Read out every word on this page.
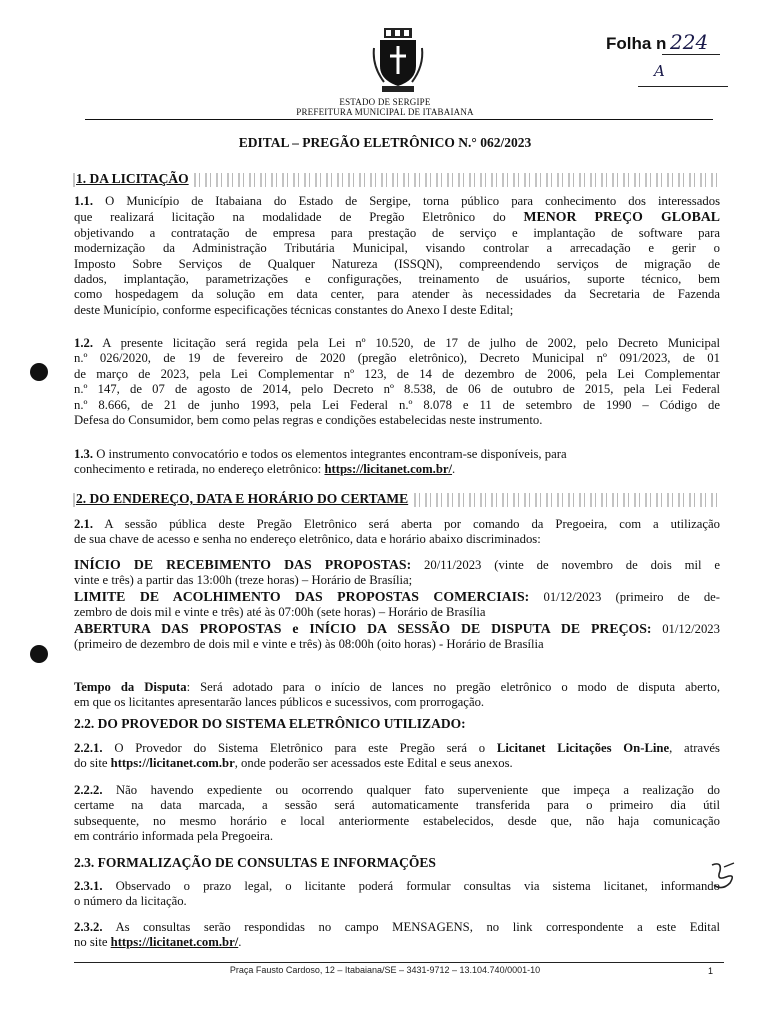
Folha n 224
A
ESTADO DE SERGIPE
PREFEITURA MUNICIPAL DE ITABAIANA
EDITAL – PREGÃO ELETRÔNICO N.° 062/2023
1. DA LICITAÇÃO

1.1. O Município de Itabaiana do Estado de Sergipe, torna público para conhecimento dos interessados

que realizará licitação na modalidade de Pregão Eletrônico do MENOR PREÇO GLOBAL

objetivando a contratação de empresa para prestação de serviço e implantação de software para

modernização da Administração Tributária Municipal, visando controlar a arrecadação e gerir o

Imposto Sobre Serviços de Qualquer Natureza (ISSQN), compreendendo serviços de migração de

dados, implantação, parametrizações e configurações, treinamento de usuários, suporte técnico, bem

como hospedagem da solução em data center, para atender às necessidades da Secretaria de Fazenda

deste Município, conforme especificações técnicas constantes do Anexo I deste Edital;

1.2. A presente licitação será regida pela Lei nº 10.520, de 17 de julho de 2002, pelo Decreto Municipal

n.º 026/2020, de 19 de fevereiro de 2020 (pregão eletrônico), Decreto Municipal nº 091/2023, de 01

de março de 2023, pela Lei Complementar nº 123, de 14 de dezembro de 2006, pela Lei Complementar

n.º 147, de 07 de agosto de 2014, pelo Decreto nº 8.538, de 06 de outubro de 2015, pela Lei Federal

n.º 8.666, de 21 de junho 1993, pela Lei Federal n.º 8.078 e 11 de setembro de 1990 – Código de

Defesa do Consumidor, bem como pelas regras e condições estabelecidas neste instrumento.

1.3. O instrumento convocatório e todos os elementos integrantes encontram-se disponíveis, para

conhecimento e retirada, no endereço eletrônico: https://licitanet.com.br/.

2. DO ENDEREÇO, DATA E HORÁRIO DO CERTAME

2.1. A sessão pública deste Pregão Eletrônico será aberta por comando da Pregoeira, com a utilização

de sua chave de acesso e senha no endereço eletrônico, data e horário abaixo discriminados:

INÍCIO DE RECEBIMENTO DAS PROPOSTAS: 20/11/2023 (vinte de novembro de dois mil e

vinte e três) a partir das 13:00h (treze horas) – Horário de Brasília;

LIMITE DE ACOLHIMENTO DAS PROPOSTAS COMERCIAIS: 01/12/2023 (primeiro de de-

zembro de dois mil e vinte e três) até às 07:00h (sete horas) – Horário de Brasília

ABERTURA DAS PROPOSTAS e INÍCIO DA SESSÃO DE DISPUTA DE PREÇOS: 01/12/2023

(primeiro de dezembro de dois mil e vinte e três) às 08:00h (oito horas) - Horário de Brasília

Tempo da Disputa: Será adotado para o início de lances no pregão eletrônico o modo de disputa aberto,

em que os licitantes apresentarão lances públicos e sucessivos, com prorrogação.

2.2. DO PROVEDOR DO SISTEMA ELETRÔNICO UTILIZADO:

2.2.1. O Provedor do Sistema Eletrônico para este Pregão será o Licitanet Licitações On-Line, através

do site https://licitanet.com.br, onde poderão ser acessados este Edital e seus anexos.

2.2.2. Não havendo expediente ou ocorrendo qualquer fato superveniente que impeça a realização do

certame na data marcada, a sessão será automaticamente transferida para o primeiro dia útil

subsequente, no mesmo horário e local anteriormente estabelecidos, desde que, não haja comunicação

em contrário informada pela Pregoeira.

2.3. FORMALIZAÇÃO DE CONSULTAS E INFORMAÇÕES

2.3.1. Observado o prazo legal, o licitante poderá formular consultas via sistema licitanet, informando

o número da licitação.

2.3.2. As consultas serão respondidas no campo MENSAGENS, no link correspondente a este Edital

no site https://licitanet.com.br/.

Praça Fausto Cardoso, 12 – Itabaiana/SE – 3431-9712 – 13.104.740/0001-10	1
